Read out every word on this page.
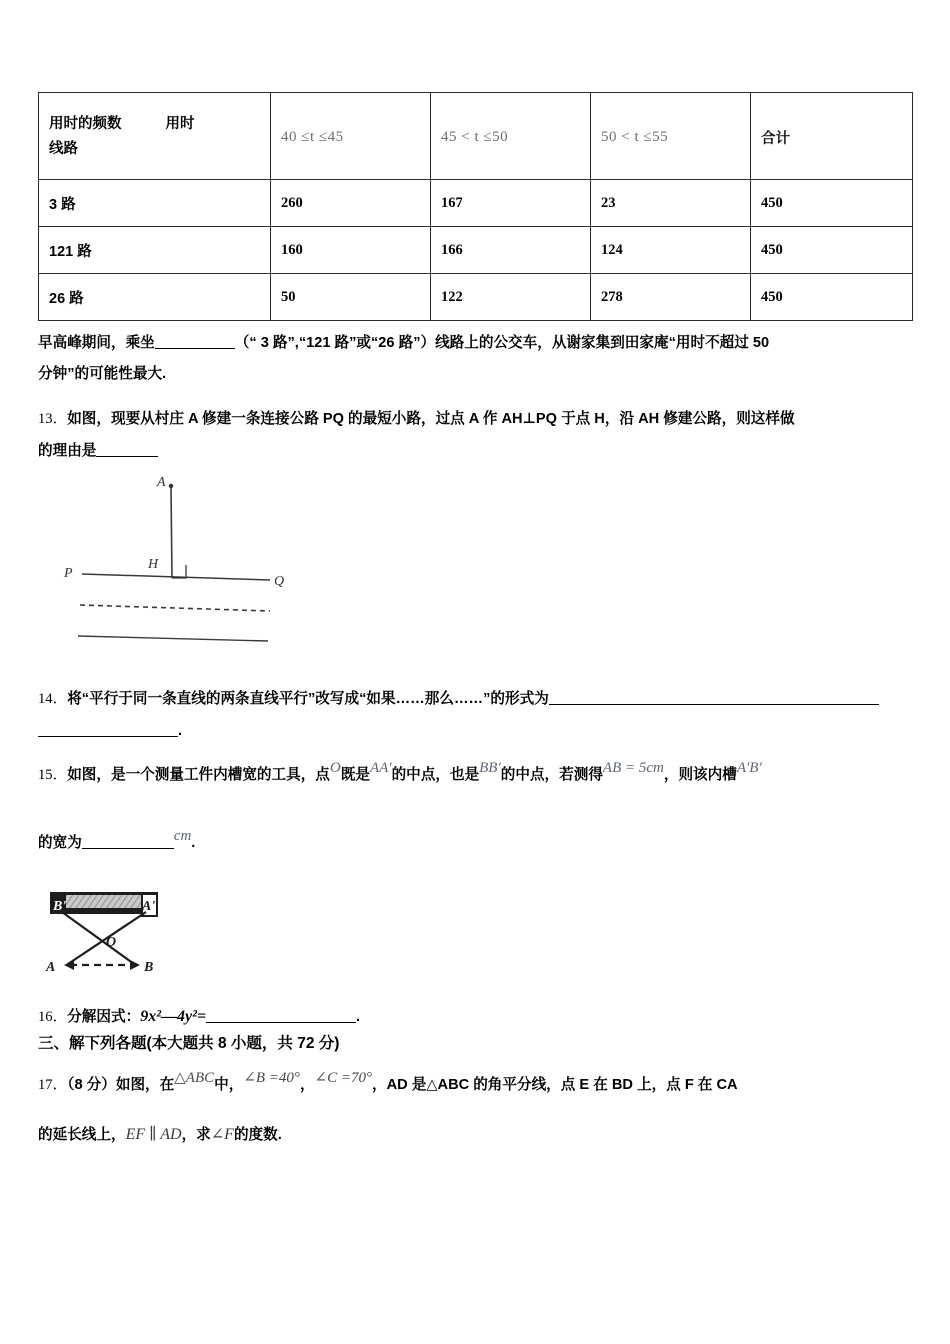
用时的频数 用时
线路	40 ≤t ≤45	45 < t ≤50	50 < t ≤55	合计
3 路	260	167	23	450
121 路	160	166	124	450
26 路	50	122	278	450
早高峰期间，乘坐	（“ 3 路”,“121 路”或“26 路”）线路上的公交车，从谢家集到田家庵“用时不超过 50
分钟”的可能性最大.
13．如图，现要从村庄 A 修建一条连接公路 PQ 的最短小路，过点 A 作 AH⊥PQ 于点 H，沿 AH 修建公路，则这样做
的理由是
A
H
P
Q
14．将“平行于同一条直线的两条直线平行”改写成“如果……那么……”的形式为
.
15．如图，是一个测量工件内槽宽的工具，点O既是AA′的中点，也是BB′的中点，若测得AB = 5cm，则该内槽A′B′
的宽为	cm.
B'	A'
O
A	B
16．分解因式：9x²—4y²=	.
三、解下列各题(本大题共 8 小题，共 72 分)
17．（8 分）如图，在△ABC中，∠B =40°，∠C =70°，AD 是△ABC 的角平分线，点 E 在 BD 上，点 F 在 CA
的延长线上，EF ∥ AD，求∠F的度数.
